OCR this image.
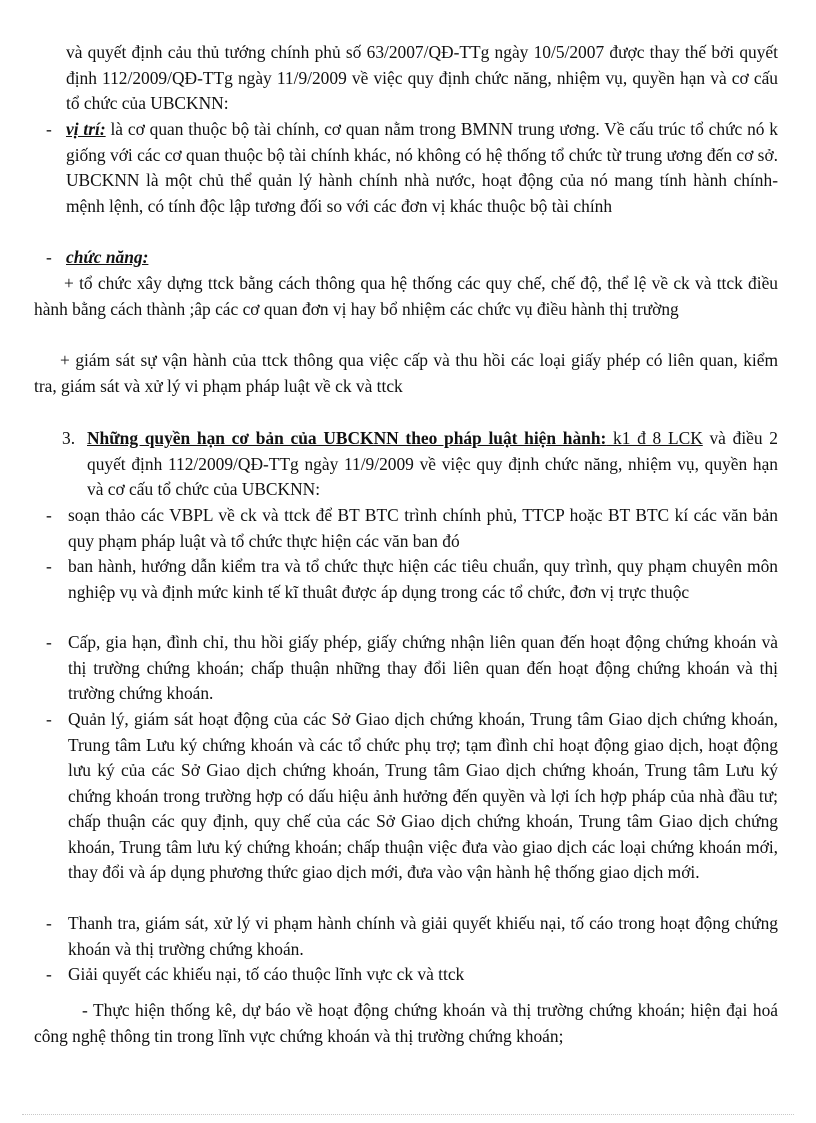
và quyết định cảu thủ tướng chính phủ số 63/2007/QĐ-TTg ngày 10/5/2007 được thay thế bởi quyết định 112/2009/QĐ-TTg ngày 11/9/2009 về việc quy định chức năng, nhiệm vụ, quyền hạn và cơ cấu tổ chức của UBCKNN:

- vị trí: là cơ quan thuộc bộ tài chính, cơ quan nằm trong BMNN trung ương. Về cấu trúc tổ chức nó k giống với các cơ quan thuộc bộ tài chính khác, nó không có hệ thống tổ chức từ trung ương đến cơ sở. UBCKNN là một chủ thể quản lý hành chính nhà nước, hoạt động của nó mang tính hành chính- mệnh lệnh, có tính độc lập tương đối so với các đơn vị khác thuộc bộ tài chính

- chức năng:

+ tổ chức xây dựng ttck bằng cách thông qua hệ thống các quy chế, chế độ, thể lệ về ck và ttck điều hành bằng cách thành ;âp các cơ quan đơn vị hay bổ nhiệm các chức vụ điều hành thị trường

+ giám sát sự vận hành của ttck thông qua việc cấp và thu hồi các loại giấy phép có liên quan, kiểm tra, giám sát và xử lý vi phạm pháp luật về ck và ttck

3. Những quyền hạn cơ bản của UBCKNN theo pháp luật hiện hành: k1 đ 8 LCK và điều 2 quyết định 112/2009/QĐ-TTg ngày 11/9/2009 về việc quy định chức năng, nhiệm vụ, quyền hạn và cơ cấu tổ chức của UBCKNN:

- soạn thảo các VBPL về ck và ttck để BT BTC trình chính phủ, TTCP hoặc BT BTC kí các văn bản quy phạm pháp luật và tổ chức thực hiện các văn ban đó

- ban hành, hướng dẫn kiểm tra và tổ chức thực hiện các tiêu chuẩn, quy trình, quy phạm chuyên môn nghiệp vụ và định mức kinh tế kĩ thuât được áp dụng trong các tổ chức, đơn vị trực thuộc

- Cấp, gia hạn, đình chỉ, thu hồi giấy phép, giấy chứng nhận liên quan đến hoạt động chứng khoán và thị trường chứng khoán; chấp thuận những thay đổi liên quan đến hoạt động chứng khoán và thị trường chứng khoán.

- Quản lý, giám sát hoạt động của các Sở Giao dịch chứng khoán, Trung tâm Giao dịch chứng khoán, Trung tâm Lưu ký chứng khoán và các tổ chức phụ trợ; tạm đình chỉ hoạt động giao dịch, hoạt động lưu ký của các Sở Giao dịch chứng khoán, Trung tâm Giao dịch chứng khoán, Trung tâm Lưu ký chứng khoán trong trường hợp có dấu hiệu ảnh hưởng đến quyền và lợi ích hợp pháp của nhà đầu tư; chấp thuận các quy định, quy chế của các Sở Giao dịch chứng khoán, Trung tâm Giao dịch chứng khoán, Trung tâm lưu ký chứng khoán; chấp thuận việc đưa vào giao dịch các loại chứng khoán mới, thay đổi và áp dụng phương thức giao dịch mới, đưa vào vận hành hệ thống giao dịch mới.

- Thanh tra, giám sát, xử lý vi phạm hành chính và giải quyết khiếu nại, tố cáo trong hoạt động chứng khoán và thị trường chứng khoán.

- Giải quyết các khiếu nại, tố cáo thuộc lĩnh vực ck và ttck

- Thực hiện thống kê, dự báo về hoạt động chứng khoán và thị trường chứng khoán; hiện đại hoá công nghệ thông tin trong lĩnh vực chứng khoán và thị trường chứng khoán;
